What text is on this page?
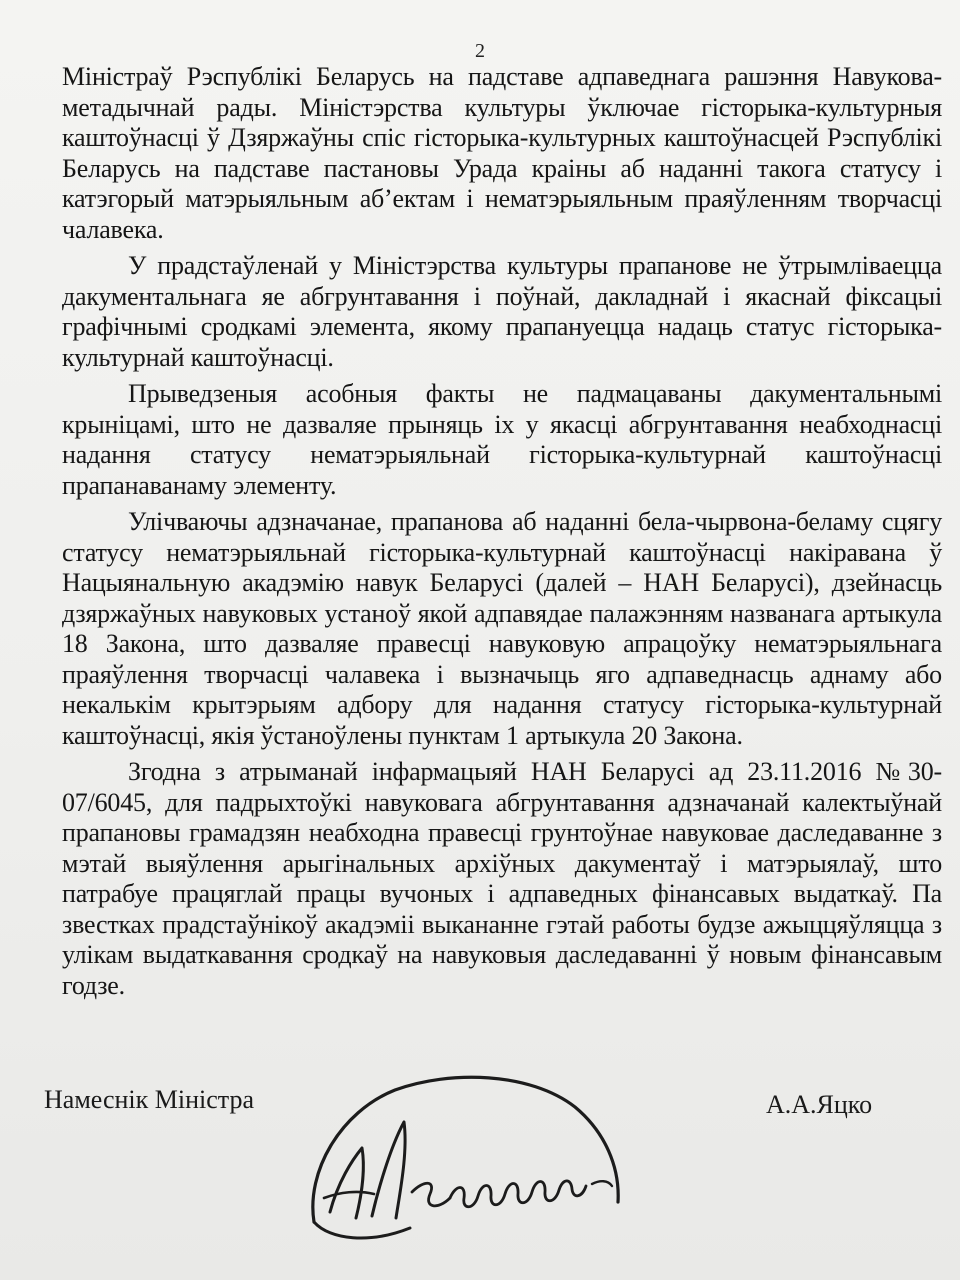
2

Міністраў Рэспублікі Беларусь на падставе адпаведнага рашэння Навукова-метадычнай рады. Міністэрства культуры ўключае гісторыка-культурныя каштоўнасці ў Дзяржаўны спіс гісторыка-культурных каштоўнасцей Рэспублікі Беларусь на падставе пастановы Урада краіны аб наданні такога статусу і катэгорый матэрыяльным аб’ектам і нематэрыяльным праяўленням творчасці чалавека.

У прадстаўленай у Міністэрства культуры прапанове не ўтрымліваецца дакументальнага яе абгрунтавання і поўнай, дакладнай і якаснай фіксацыі графічнымі сродкамі элемента, якому прапануецца надаць статус гісторыка-культурнай каштоўнасці.

Прыведзеныя асобныя факты не падмацаваны дакументальнымі крыніцамі, што не дазваляе прыняць іх у якасці абгрунтавання неабходнасці надання статусу нематэрыяльнай гісторыка-культурнай каштоўнасці прапанаванаму элементу.

Улічваючы адзначанае, прапанова аб наданні бела-чырвона-беламу сцягу статусу нематэрыяльнай гісторыка-культурнай каштоўнасці накіравана ў Нацыянальную акадэмію навук Беларусі (далей – НАН Беларусі), дзейнасць дзяржаўных навуковых устаноў якой адпавядае палажэнням названага артыкула 18 Закона, што дазваляе правесці навуковую апрацоўку нематэрыяльнага праяўлення творчасці чалавека і вызначыць яго адпаведнасць аднаму або некалькім крытэрыям адбору для надання статусу гісторыка-культурнай каштоўнасці, якія ўстаноўлены пунктам 1 артыкула 20 Закона.

Згодна з атрыманай інфармацыяй НАН Беларусі ад 23.11.2016 №30-07/6045, для падрыхтоўкі навуковага абгрунтавання адзначанай калектыўнай прапановы грамадзян неабходна правесці грунтоўнае навуковае даследаванне з мэтай выяўлення арыгінальных архіўных дакументаў і матэрыялаў, што патрабуе працяглай працы вучоных і адпаведных фінансавых выдаткаў. Па звестках прадстаўнікоў акадэміі выкананне гэтай работы будзе ажыццяўляцца з улікам выдаткавання сродкаў на навуковыя даследаванні ў новым фінансавым годзе.

Намеснік Міністра	А.А.Яцко
